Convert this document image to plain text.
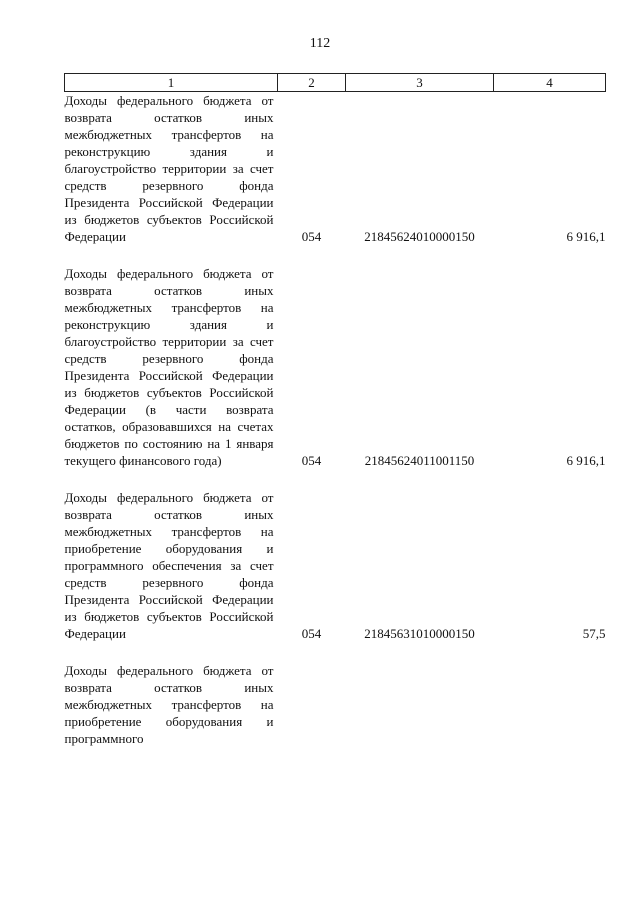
112
1	2	3	4
Доходы федерального бюджета от возврата остатков иных межбюджетных трансфертов на реконструкцию здания и благоустройство территории за счет средств резервного фонда Президента Российской Федерации из бюджетов субъектов Российской Федерации	054	21845624010000150	6 916,1

Доходы федерального бюджета от возврата остатков иных межбюджетных трансфертов на реконструкцию здания и благоустройство территории за счет средств резервного фонда Президента Российской Федерации из бюджетов субъектов Российской Федерации (в части возврата остатков, образовавшихся на счетах бюджетов по состоянию на 1 января текущего финансового года)	054	21845624011001150	6 916,1

Доходы федерального бюджета от возврата остатков иных межбюджетных трансфертов на приобретение оборудования и программного обеспечения за счет средств резервного фонда Президента Российской Федерации из бюджетов субъектов Российской Федерации	054	21845631010000150	57,5

Доходы федерального бюджета от возврата остатков иных межбюджетных трансфертов на приобретение оборудования и программного			
